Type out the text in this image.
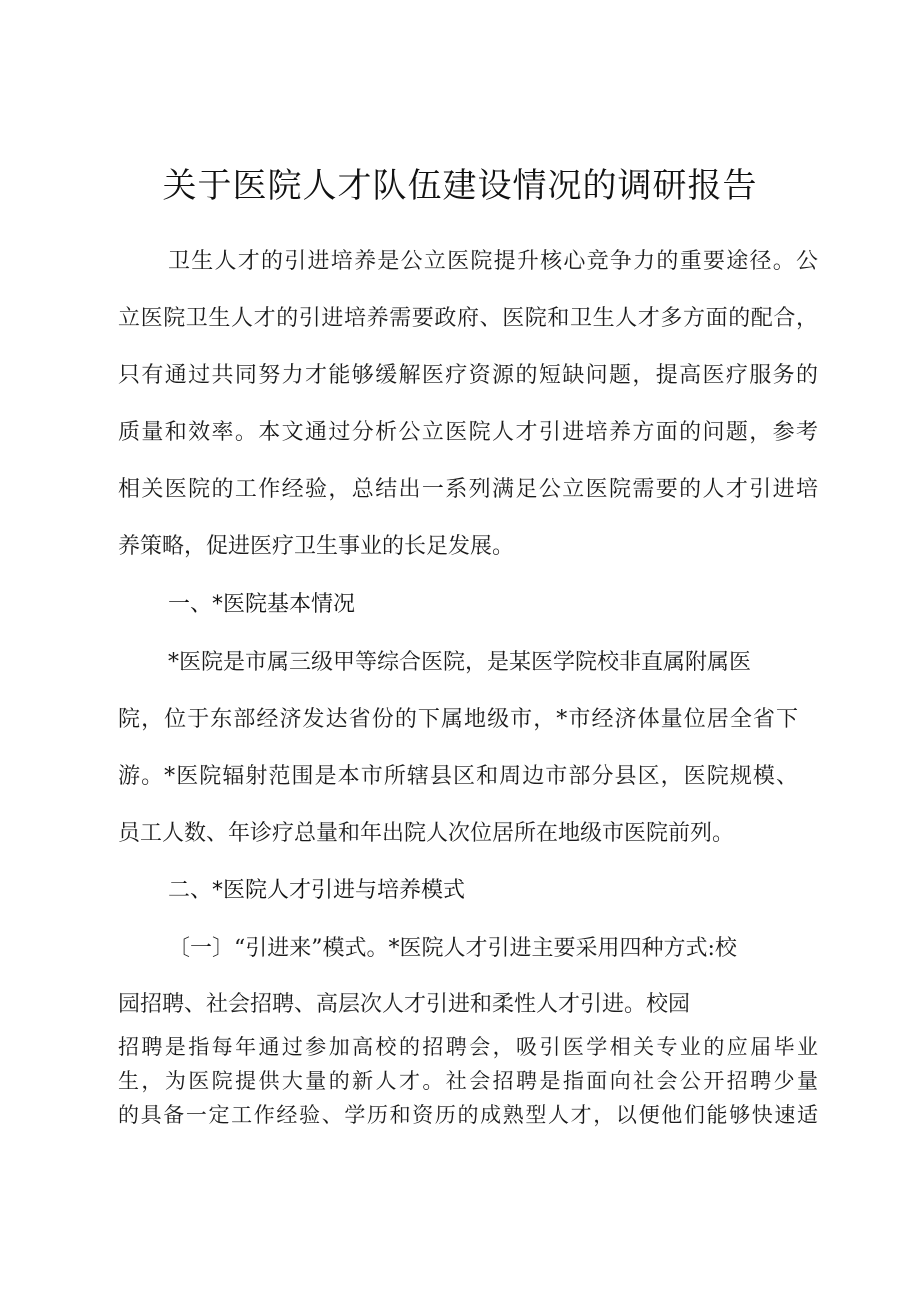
关于医院人才队伍建设情况的调研报告
卫生人才的引进培养是公立医院提升核心竞争力的重要途径。公
立医院卫生人才的引进培养需要政府、医院和卫生人才多方面的配合，
只有通过共同努力才能够缓解医疗资源的短缺问题，提高医疗服务的
质量和效率。本文通过分析公立医院人才引进培养方面的问题，参考
相关医院的工作经验，总结出一系列满足公立医院需要的人才引进培
养策略，促进医疗卫生事业的长足发展。
一、*医院基本情况
*医院是市属三级甲等综合医院，是某医学院校非直属附属医
院，位于东部经济发达省份的下属地级市，*市经济体量位居全省下
游。*医院辐射范围是本市所辖县区和周边市部分县区，医院规模、
员工人数、年诊疗总量和年出院人次位居所在地级市医院前列。
二、*医院人才引进与培养模式
〔一〕“引进来”模式。*医院人才引进主要采用四种方式:校
园招聘、社会招聘、高层次人才引进和柔性人才引进。校园
招聘是指每年通过参加高校的招聘会，吸引医学相关专业的应届毕业
生，为医院提供大量的新人才。社会招聘是指面向社会公开招聘少量
的具备一定工作经验、学历和资历的成熟型人才，以便他们能够快速适
